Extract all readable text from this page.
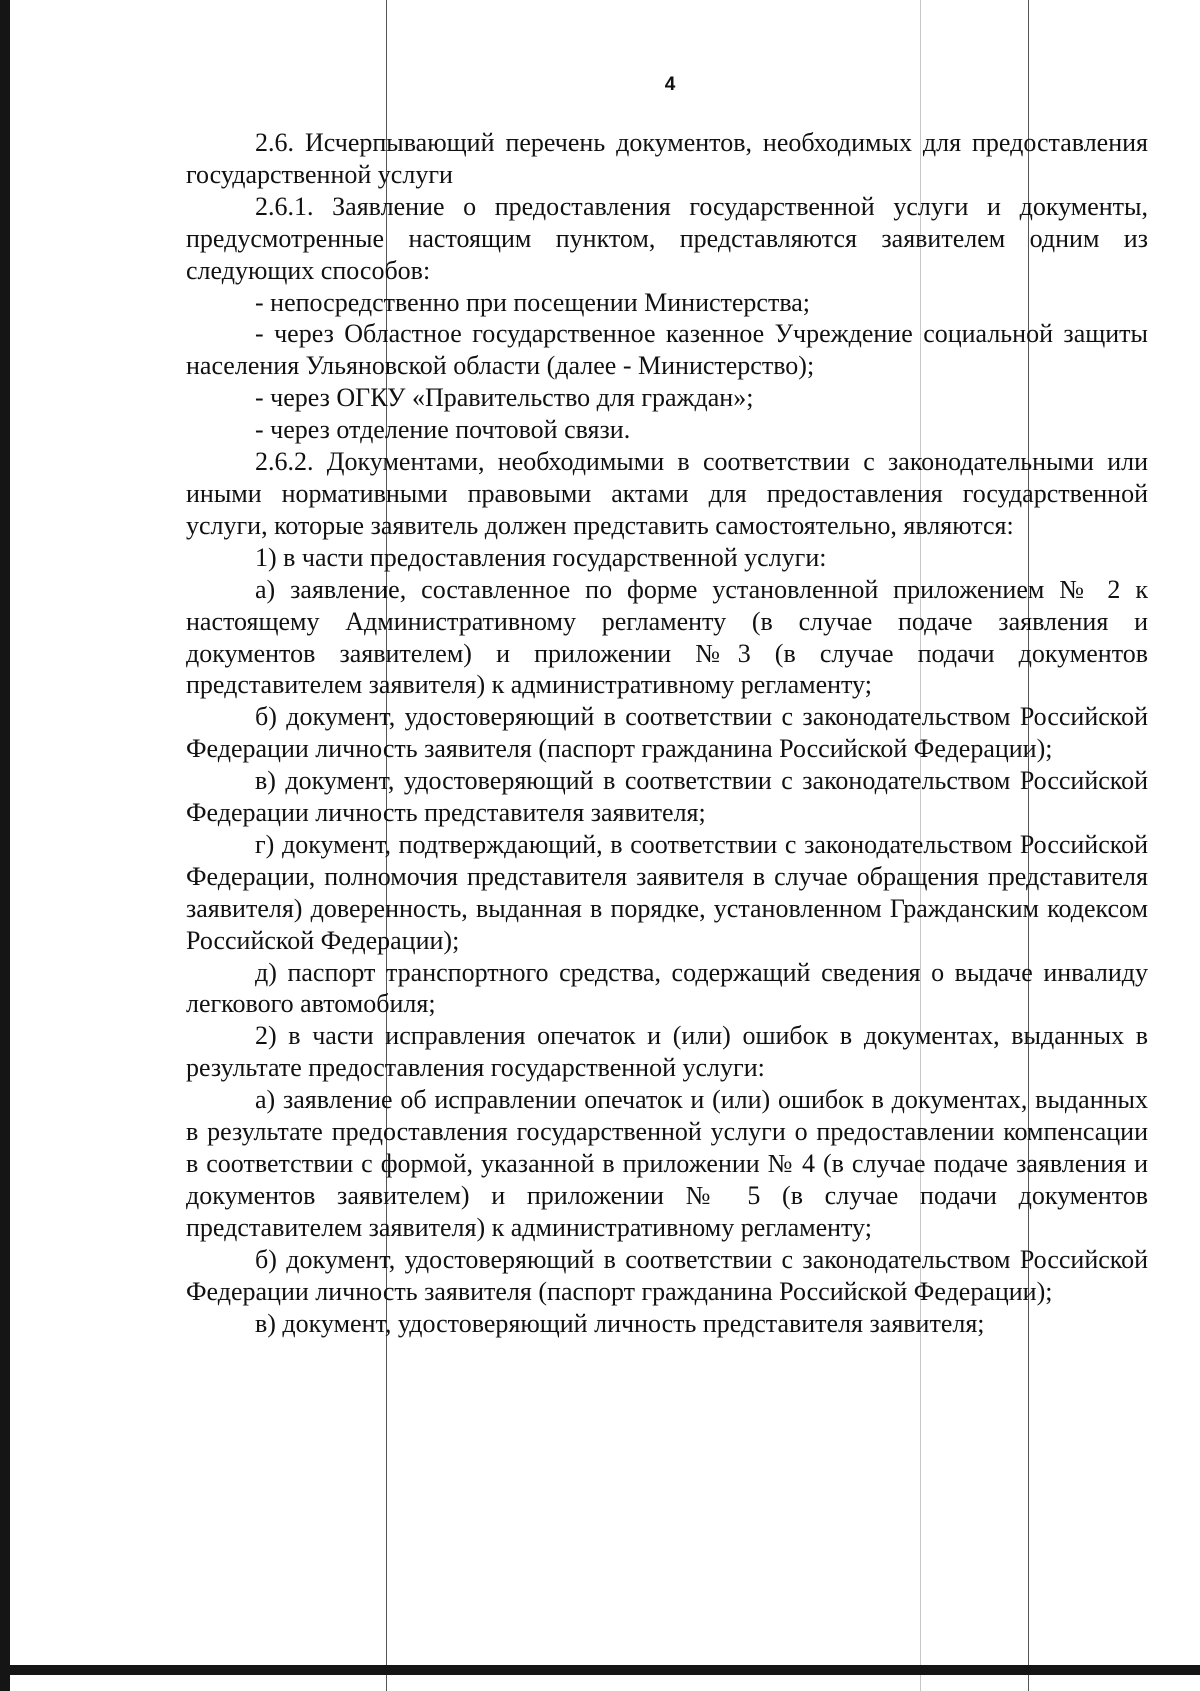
4

2.6. Исчерпывающий перечень документов, необходимых для предоставления государственной услуги

2.6.1. Заявление о предоставления государственной услуги и документы, предусмотренные настоящим пунктом, представляются заявителем одним из следующих способов:

- непосредственно при посещении Министерства;

- через Областное государственное казенное Учреждение социальной защиты населения Ульяновской области (далее - Министерство);

- через ОГКУ «Правительство для граждан»;

- через отделение почтовой связи.

2.6.2. Документами, необходимыми в соответствии с законодательными или иными нормативными правовыми актами для предоставления государственной услуги, которые заявитель должен представить самостоятельно, являются:

1) в части предоставления государственной услуги:

а) заявление, составленное по форме установленной приложением № 2 к настоящему Административному регламенту (в случае подаче заявления и документов заявителем) и приложении №3 (в случае подачи документов представителем заявителя) к административному регламенту;

б) документ, удостоверяющий в соответствии с законодательством Российской Федерации личность заявителя (паспорт гражданина Российской Федерации);

в) документ, удостоверяющий в соответствии с законодательством Российской Федерации личность представителя заявителя;

г) документ, подтверждающий, в соответствии с законодательством Российской Федерации, полномочия представителя заявителя в случае обращения представителя заявителя) доверенность, выданная в порядке, установленном Гражданским кодексом Российской Федерации);

д) паспорт транспортного средства, содержащий сведения о выдаче инвалиду легкового автомобиля;

2) в части исправления опечаток и (или) ошибок в документах, выданных в результате предоставления государственной услуги:

а) заявление об исправлении опечаток и (или) ошибок в документах, выданных в результате предоставления государственной услуги о предоставлении компенсации в соответствии с формой, указанной в приложении № 4 (в случае подаче заявления и документов заявителем) и приложении № 5 (в случае подачи документов представителем заявителя) к административному регламенту;

б) документ, удостоверяющий в соответствии с законодательством Российской Федерации личность заявителя (паспорт гражданина Российской Федерации);

в) документ, удостоверяющий личность представителя заявителя;
